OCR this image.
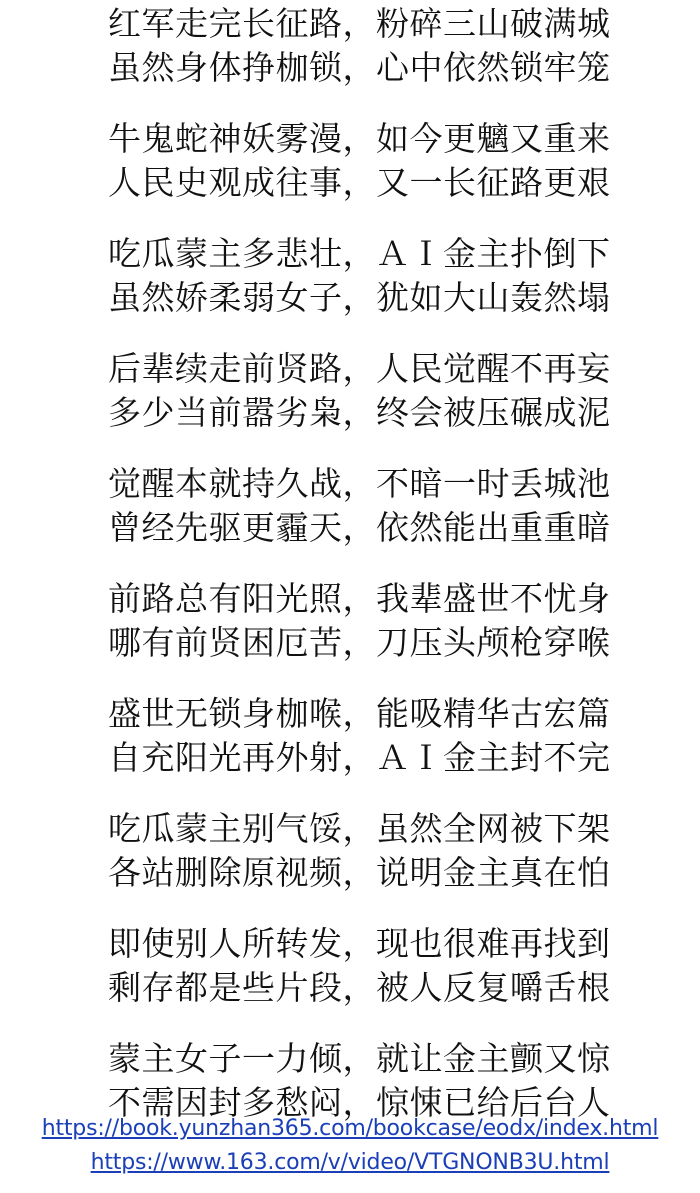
红军走完长征路，粉碎三山破满城
虽然身体挣枷锁，心中依然锁牢笼
牛鬼蛇神妖雾漫，如今更魑又重来
人民史观成往事，又一长征路更艰
吃瓜蒙主多悲壮，ＡＩ金主扑倒下
虽然娇柔弱女子，犹如大山轰然塌
后辈续走前贤路，人民觉醒不再妄
多少当前嚣劣枭，终会被压碾成泥
觉醒本就持久战，不暗一时丢城池
曾经先驱更霾天，依然能出重重暗
前路总有阳光照，我辈盛世不忧身
哪有前贤困厄苦，刀压头颅枪穿喉
盛世无锁身枷喉，能吸精华古宏篇
自充阳光再外射，ＡＩ金主封不完
吃瓜蒙主别气馁，虽然全网被下架
各站删除原视频，说明金主真在怕
即使别人所转发，现也很难再找到
剩存都是些片段，被人反复嚼舌根
蒙主女子一力倾，就让金主颤又惊
不需因封多愁闷，惊悚已给后台人
https://book.yunzhan365.com/bookcase/eodx/index.html
https://www.163.com/v/video/VTGNONB3U.html
